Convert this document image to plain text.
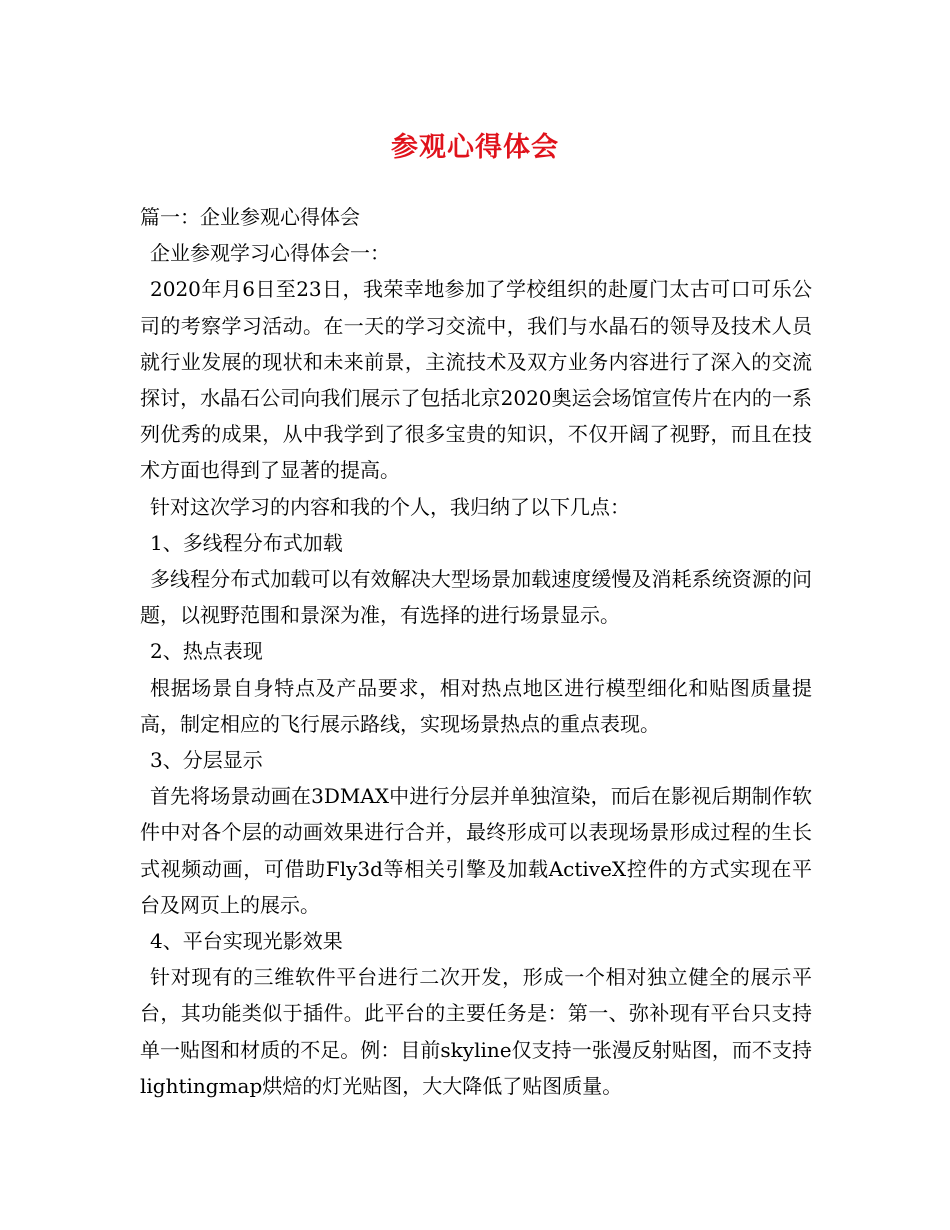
参观心得体会

篇一：企业参观心得体会

企业参观学习心得体会一：

2020年月6日至23日，我荣幸地参加了学校组织的赴厦门太古可口可乐公司的考察学习活动。在一天的学习交流中，我们与水晶石的领导及技术人员就行业发展的现状和未来前景，主流技术及双方业务内容进行了深入的交流探讨，水晶石公司向我们展示了包括北京2020奥运会场馆宣传片在内的一系列优秀的成果，从中我学到了很多宝贵的知识，不仅开阔了视野，而且在技术方面也得到了显著的提高。

针对这次学习的内容和我的个人，我归纳了以下几点：

1、多线程分布式加载

多线程分布式加载可以有效解决大型场景加载速度缓慢及消耗系统资源的问题，以视野范围和景深为准，有选择的进行场景显示。

2、热点表现

根据场景自身特点及产品要求，相对热点地区进行模型细化和贴图质量提高，制定相应的飞行展示路线，实现场景热点的重点表现。

3、分层显示

首先将场景动画在3DMAX中进行分层并单独渲染，而后在影视后期制作软件中对各个层的动画效果进行合并，最终形成可以表现场景形成过程的生长式视频动画，可借助Fly3d等相关引擎及加载ActiveX控件的方式实现在平台及网页上的展示。

4、平台实现光影效果

针对现有的三维软件平台进行二次开发，形成一个相对独立健全的展示平台，其功能类似于插件。此平台的主要任务是：第一、弥补现有平台只支持单一贴图和材质的不足。例：目前skyline仅支持一张漫反射贴图，而不支持lightingmap烘焙的灯光贴图，大大降低了贴图质量。
